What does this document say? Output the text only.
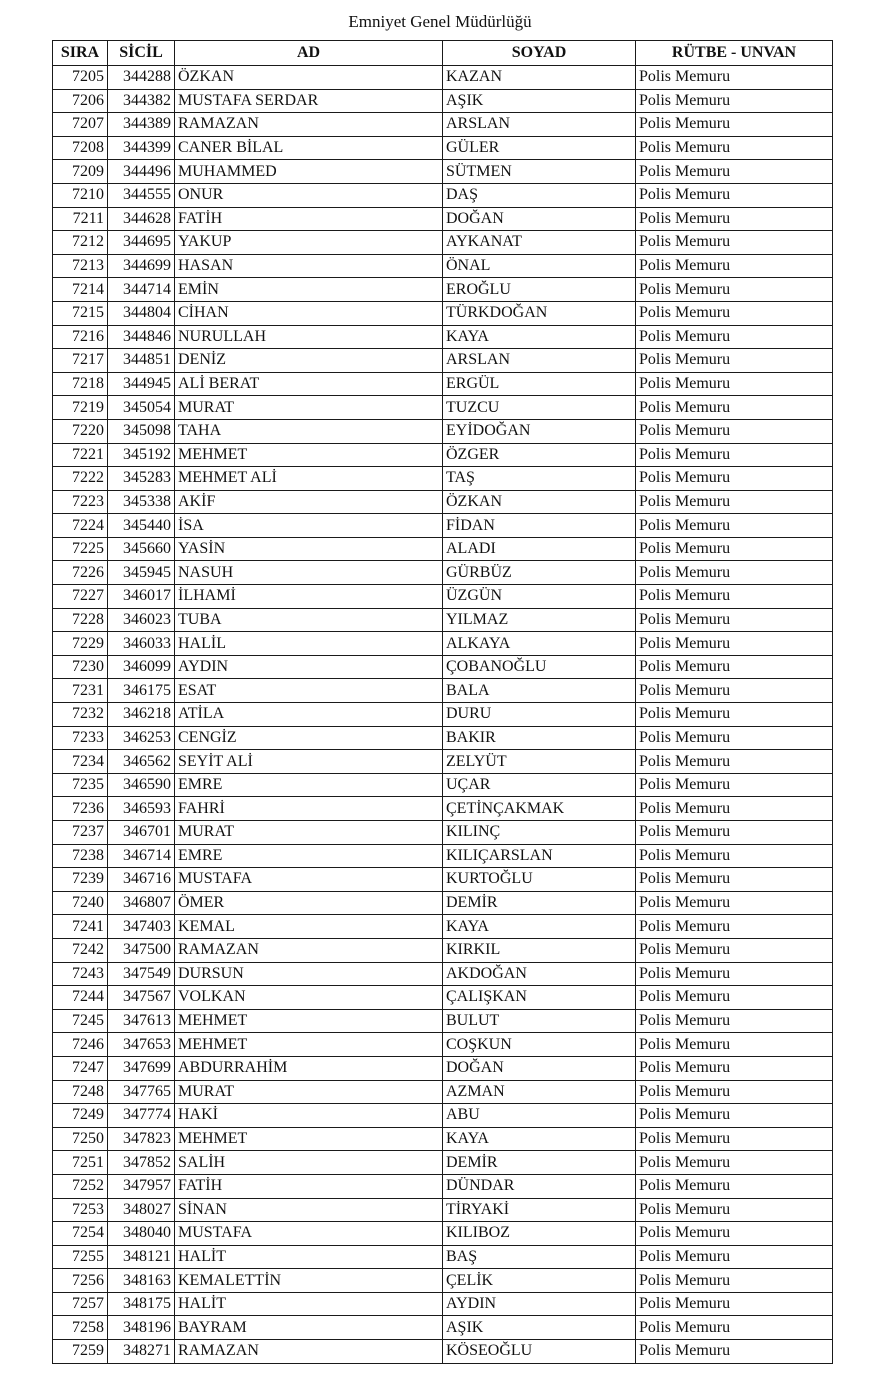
Emniyet Genel Müdürlüğü
SIRA	SİCİL	AD	SOYAD	RÜTBE - UNVAN
7205	344288	ÖZKAN	KAZAN	Polis Memuru
7206	344382	MUSTAFA SERDAR	AŞIK	Polis Memuru
7207	344389	RAMAZAN	ARSLAN	Polis Memuru
7208	344399	CANER BİLAL	GÜLER	Polis Memuru
7209	344496	MUHAMMED	SÜTMEN	Polis Memuru
7210	344555	ONUR	DAŞ	Polis Memuru
7211	344628	FATİH	DOĞAN	Polis Memuru
7212	344695	YAKUP	AYKANAT	Polis Memuru
7213	344699	HASAN	ÖNAL	Polis Memuru
7214	344714	EMİN	EROĞLU	Polis Memuru
7215	344804	CİHAN	TÜRKDOĞAN	Polis Memuru
7216	344846	NURULLAH	KAYA	Polis Memuru
7217	344851	DENİZ	ARSLAN	Polis Memuru
7218	344945	ALİ BERAT	ERGÜL	Polis Memuru
7219	345054	MURAT	TUZCU	Polis Memuru
7220	345098	TAHA	EYİDOĞAN	Polis Memuru
7221	345192	MEHMET	ÖZGER	Polis Memuru
7222	345283	MEHMET ALİ	TAŞ	Polis Memuru
7223	345338	AKİF	ÖZKAN	Polis Memuru
7224	345440	İSA	FİDAN	Polis Memuru
7225	345660	YASİN	ALADI	Polis Memuru
7226	345945	NASUH	GÜRBÜZ	Polis Memuru
7227	346017	İLHAMİ	ÜZGÜN	Polis Memuru
7228	346023	TUBA	YILMAZ	Polis Memuru
7229	346033	HALİL	ALKAYA	Polis Memuru
7230	346099	AYDIN	ÇOBANOĞLU	Polis Memuru
7231	346175	ESAT	BALA	Polis Memuru
7232	346218	ATİLA	DURU	Polis Memuru
7233	346253	CENGİZ	BAKIR	Polis Memuru
7234	346562	SEYİT ALİ	ZELYÜT	Polis Memuru
7235	346590	EMRE	UÇAR	Polis Memuru
7236	346593	FAHRİ	ÇETİNÇAKMAK	Polis Memuru
7237	346701	MURAT	KILINÇ	Polis Memuru
7238	346714	EMRE	KILIÇARSLAN	Polis Memuru
7239	346716	MUSTAFA	KURTOĞLU	Polis Memuru
7240	346807	ÖMER	DEMİR	Polis Memuru
7241	347403	KEMAL	KAYA	Polis Memuru
7242	347500	RAMAZAN	KIRKIL	Polis Memuru
7243	347549	DURSUN	AKDOĞAN	Polis Memuru
7244	347567	VOLKAN	ÇALIŞKAN	Polis Memuru
7245	347613	MEHMET	BULUT	Polis Memuru
7246	347653	MEHMET	COŞKUN	Polis Memuru
7247	347699	ABDURRAHİM	DOĞAN	Polis Memuru
7248	347765	MURAT	AZMAN	Polis Memuru
7249	347774	HAKİ	ABU	Polis Memuru
7250	347823	MEHMET	KAYA	Polis Memuru
7251	347852	SALİH	DEMİR	Polis Memuru
7252	347957	FATİH	DÜNDAR	Polis Memuru
7253	348027	SİNAN	TİRYAKİ	Polis Memuru
7254	348040	MUSTAFA	KILIBOZ	Polis Memuru
7255	348121	HALİT	BAŞ	Polis Memuru
7256	348163	KEMALETTİN	ÇELİK	Polis Memuru
7257	348175	HALİT	AYDIN	Polis Memuru
7258	348196	BAYRAM	AŞIK	Polis Memuru
7259	348271	RAMAZAN	KÖSEOĞLU	Polis Memuru
